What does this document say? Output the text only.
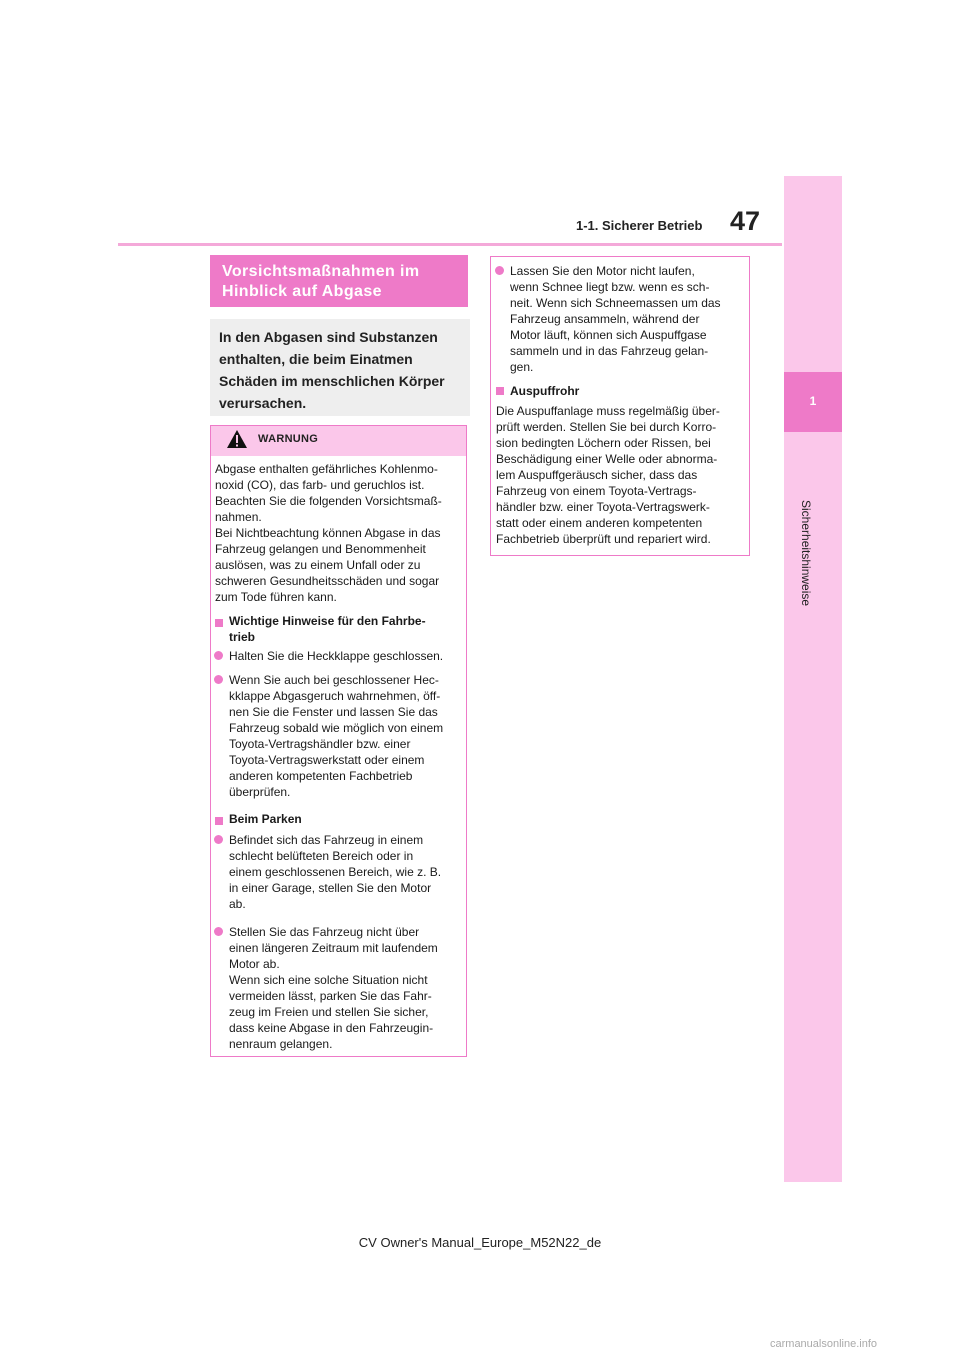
47
1-1. Sicherer Betrieb
1
Sicherheitshinweise
Vorsichtsmaßnahmen im
Hinblick auf Abgase
In den Abgasen sind Substanzen
enthalten, die beim Einatmen
Schäden im menschlichen Körper
verursachen.
WARNUNG
Abgase enthalten gefährliches Kohlenmo-
noxid (CO), das farb- und geruchlos ist.
Beachten Sie die folgenden Vorsichtsmaß-
nahmen.
Bei Nichtbeachtung können Abgase in das
Fahrzeug gelangen und Benommenheit
auslösen, was zu einem Unfall oder zu
schweren Gesundheitsschäden und sogar
zum Tode führen kann.
Wichtige Hinweise für den Fahrbe-
trieb
Halten Sie die Heckklappe geschlossen.
Wenn Sie auch bei geschlossener Hec-
kklappe Abgasgeruch wahrnehmen, öff-
nen Sie die Fenster und lassen Sie das
Fahrzeug sobald wie möglich von einem
Toyota-Vertragshändler bzw. einer
Toyota-Vertragswerkstatt oder einem
anderen kompetenten Fachbetrieb
überprüfen.
Beim Parken
Befindet sich das Fahrzeug in einem
schlecht belüfteten Bereich oder in
einem geschlossenen Bereich, wie z. B.
in einer Garage, stellen Sie den Motor
ab.
Stellen Sie das Fahrzeug nicht über
einen längeren Zeitraum mit laufendem
Motor ab.
Wenn sich eine solche Situation nicht
vermeiden lässt, parken Sie das Fahr-
zeug im Freien und stellen Sie sicher,
dass keine Abgase in den Fahrzeugin-
nenraum gelangen.
Lassen Sie den Motor nicht laufen,
wenn Schnee liegt bzw. wenn es sch-
neit. Wenn sich Schneemassen um das
Fahrzeug ansammeln, während der
Motor läuft, können sich Auspuffgase
sammeln und in das Fahrzeug gelan-
gen.
Auspuffrohr
Die Auspuffanlage muss regelmäßig über-
prüft werden. Stellen Sie bei durch Korro-
sion bedingten Löchern oder Rissen, bei
Beschädigung einer Welle oder abnorma-
lem Auspuffgeräusch sicher, dass das
Fahrzeug von einem Toyota-Vertrags-
händler bzw. einer Toyota-Vertragswerk-
statt oder einem anderen kompetenten
Fachbetrieb überprüft und repariert wird.
CV Owner's Manual_Europe_M52N22_de
carmanualsonline.info
